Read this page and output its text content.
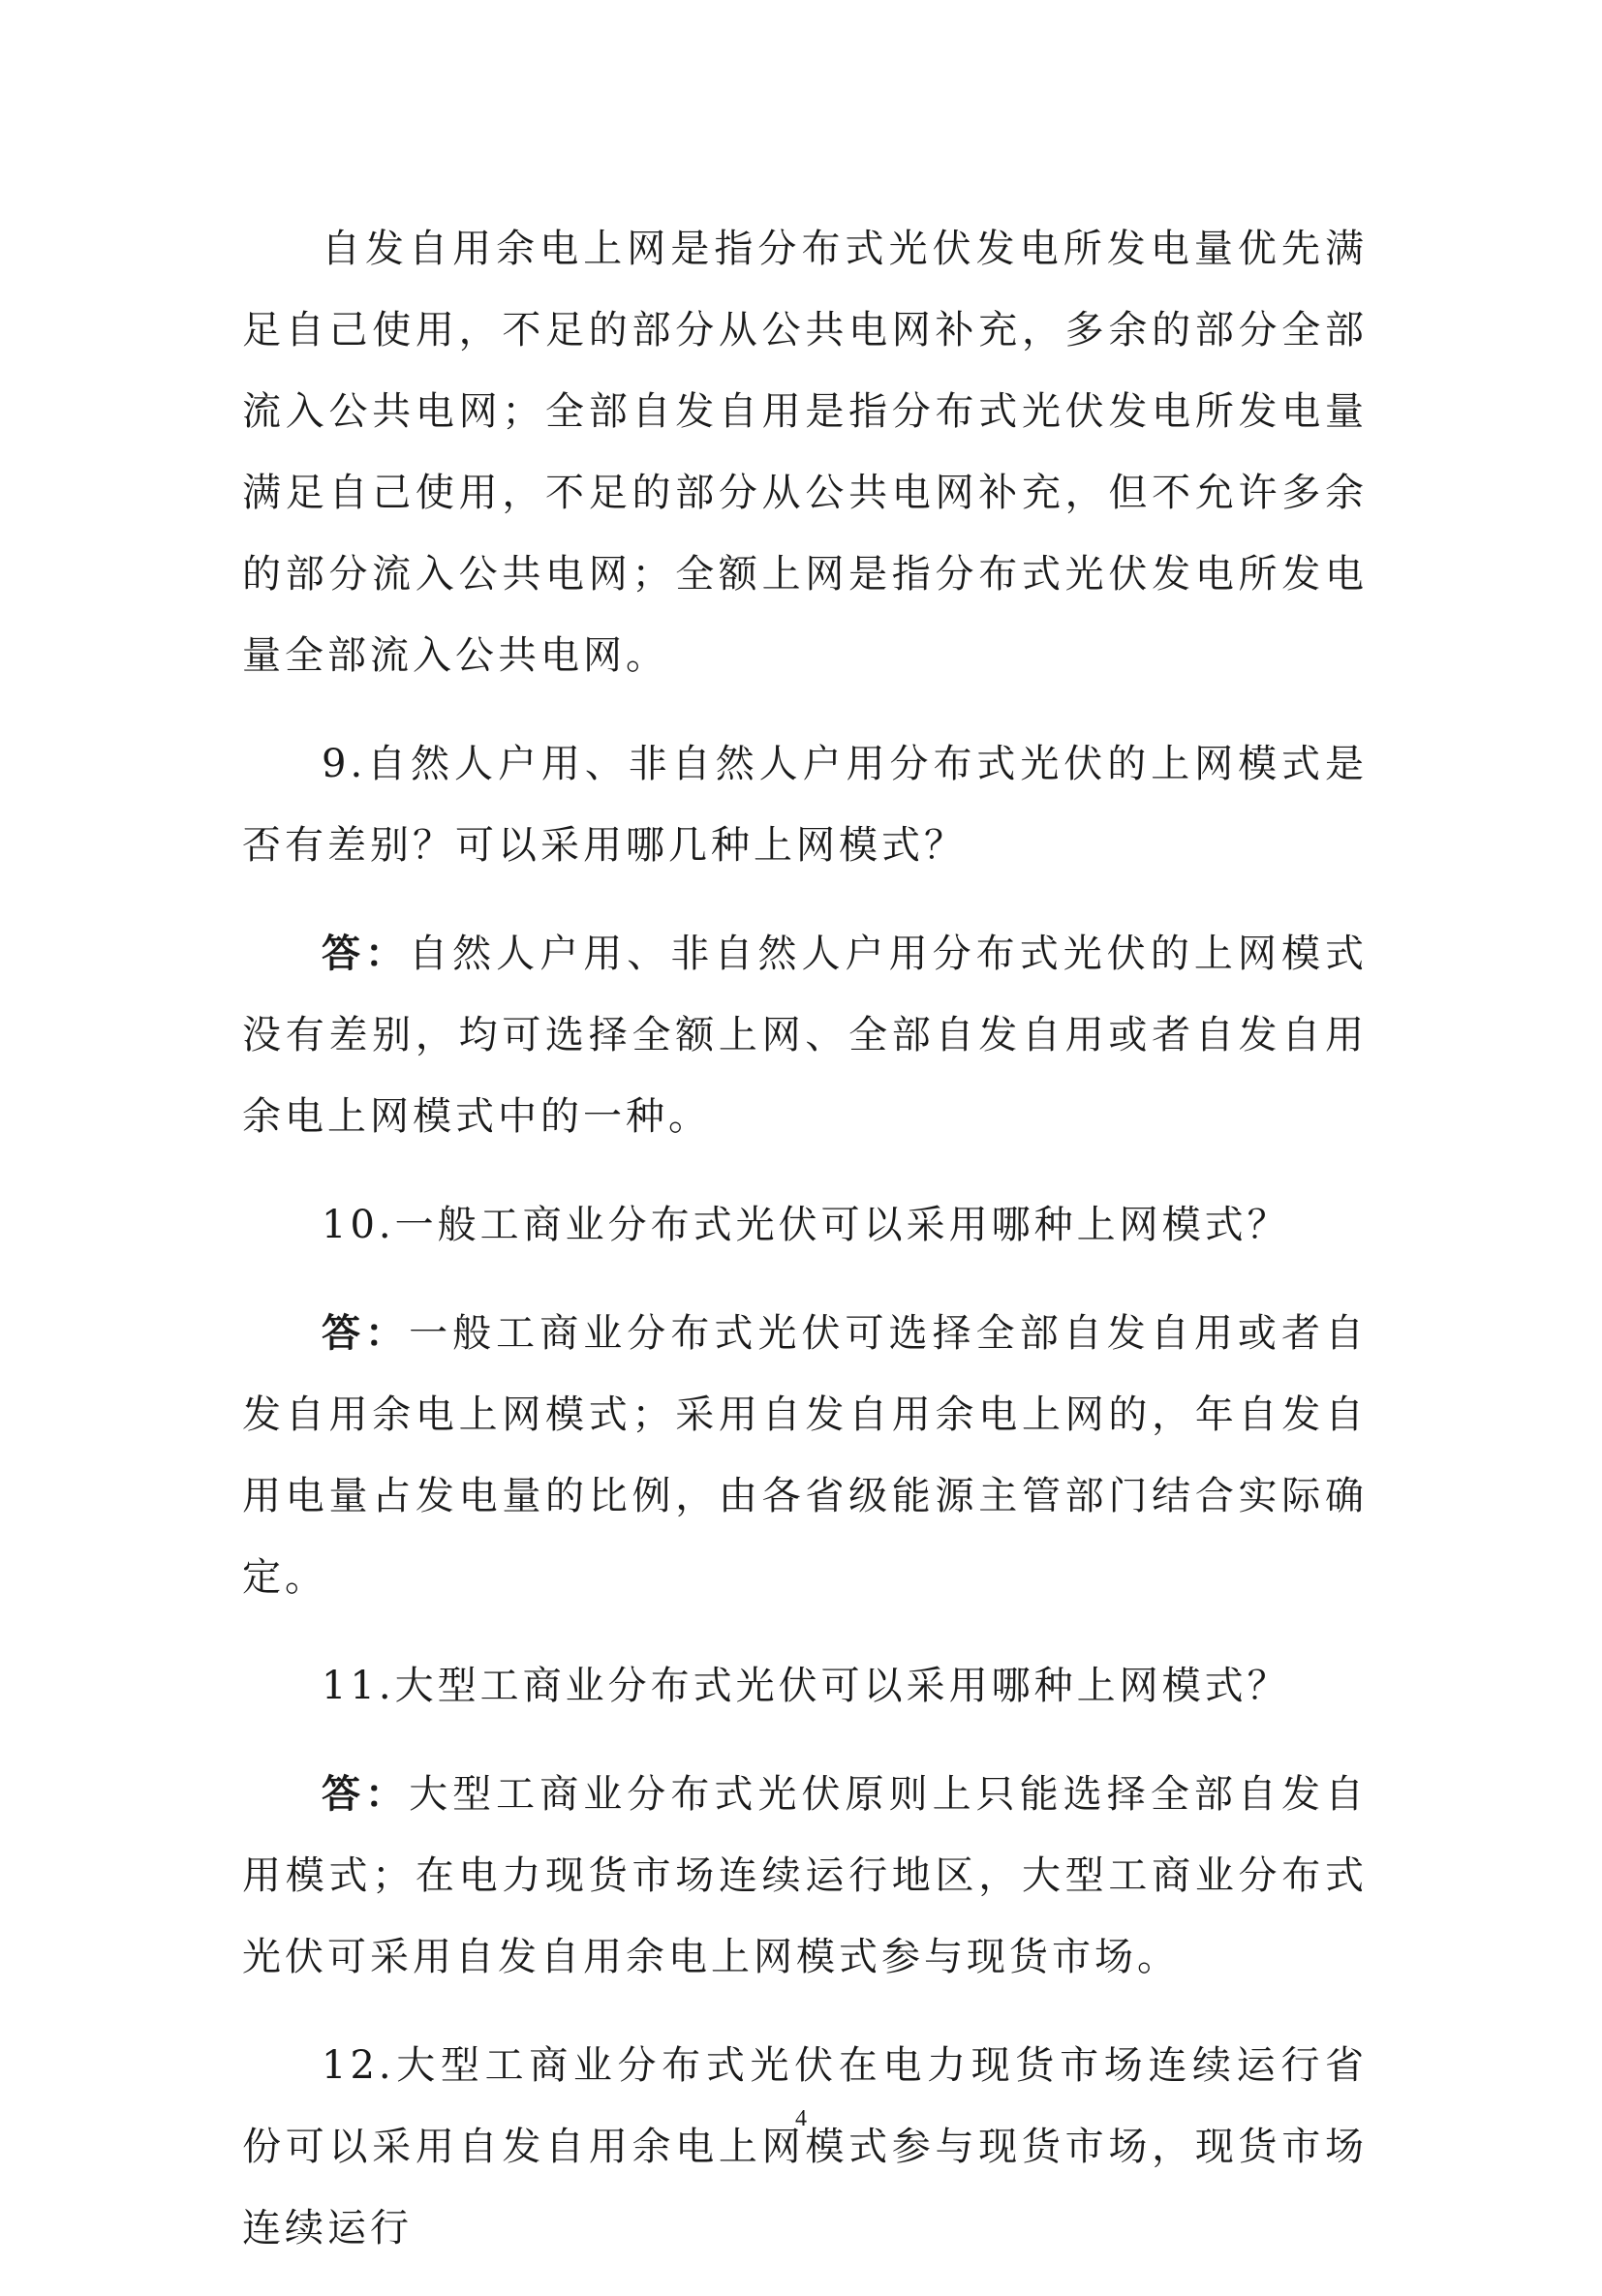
自发自用余电上网是指分布式光伏发电所发电量优先满足自己使用，不足的部分从公共电网补充，多余的部分全部流入公共电网；全部自发自用是指分布式光伏发电所发电量满足自己使用，不足的部分从公共电网补充，但不允许多余的部分流入公共电网；全额上网是指分布式光伏发电所发电量全部流入公共电网。

9.自然人户用、非自然人户用分布式光伏的上网模式是否有差别？可以采用哪几种上网模式？

答：自然人户用、非自然人户用分布式光伏的上网模式没有差别，均可选择全额上网、全部自发自用或者自发自用余电上网模式中的一种。

10.一般工商业分布式光伏可以采用哪种上网模式？

答：一般工商业分布式光伏可选择全部自发自用或者自发自用余电上网模式；采用自发自用余电上网的，年自发自用电量占发电量的比例，由各省级能源主管部门结合实际确定。

11.大型工商业分布式光伏可以采用哪种上网模式？

答：大型工商业分布式光伏原则上只能选择全部自发自用模式；在电力现货市场连续运行地区，大型工商业分布式光伏可采用自发自用余电上网模式参与现货市场。

12.大型工商业分布式光伏在电力现货市场连续运行省份可以采用自发自用余电上网模式参与现货市场，现货市场连续运行

4
